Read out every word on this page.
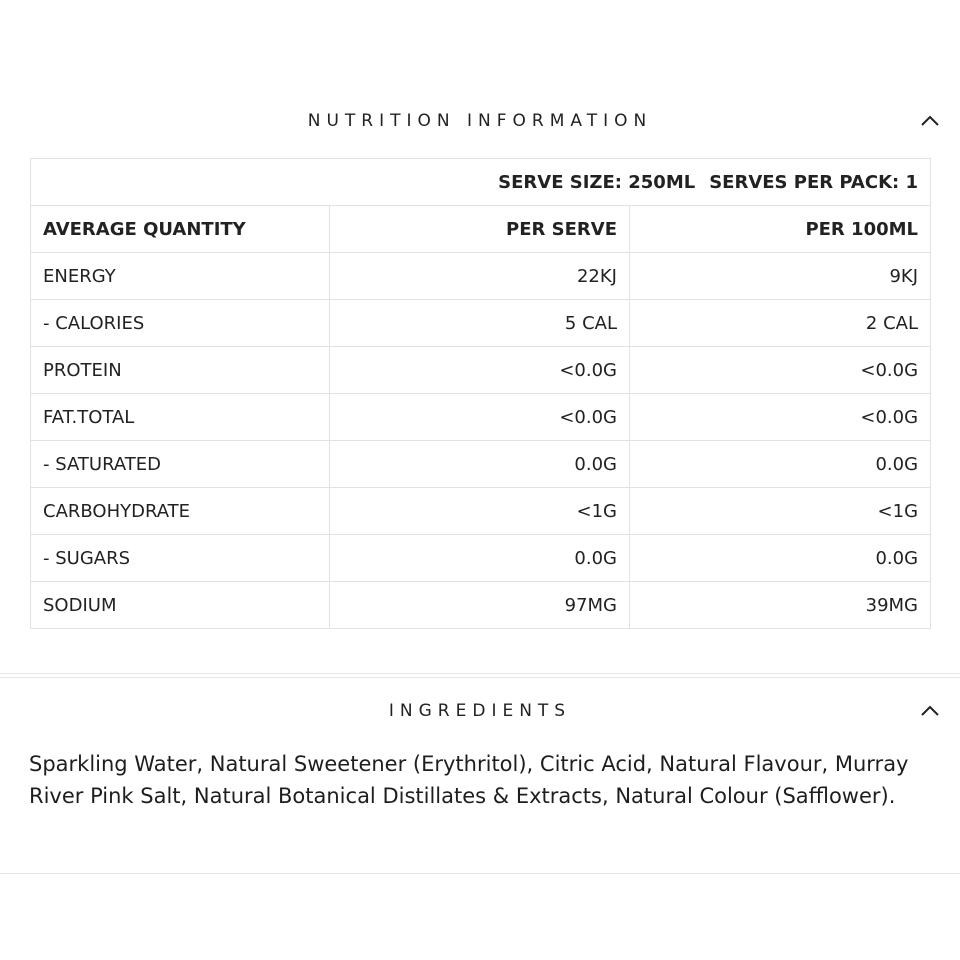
NUTRITION INFORMATION
SERVE SIZE: 250ML SERVES PER PACK: 1		
AVERAGE QUANTITY	PER SERVE	PER 100ML
ENERGY	22KJ	9KJ
- CALORIES	5 CAL	2 CAL
PROTEIN	<0.0G	<0.0G
FAT.TOTAL	<0.0G	<0.0G
- SATURATED	0.0G	0.0G
CARBOHYDRATE	<1G	<1G
- SUGARS	0.0G	0.0G
SODIUM	97MG	39MG
INGREDIENTS
Sparkling Water, Natural Sweetener (Erythritol), Citric Acid, Natural Flavour, Murray River Pink Salt, Natural Botanical Distillates & Extracts, Natural Colour (Safflower).
